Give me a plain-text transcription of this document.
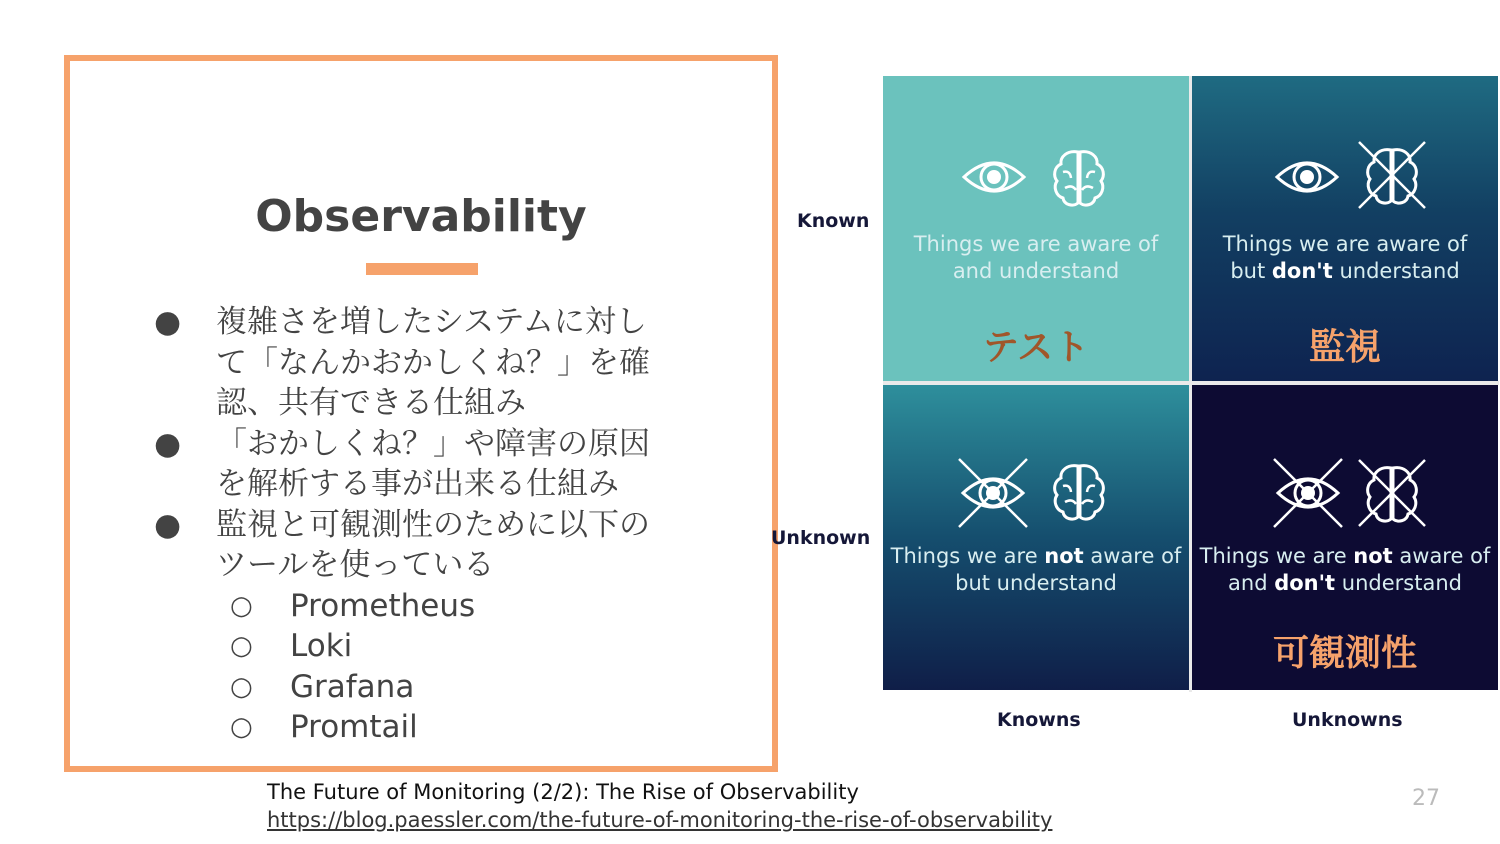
Observability
● 複雑さを増したシステムに対し
て「なんかおかしくね？」を確
認、共有できる仕組み
● 「おかしくね？」や障害の原因
を解析する事が出来る仕組み
● 監視と可観測性のために以下の
ツールを使っている
○ Prometheus
○ Loki
○ Grafana
○ Promtail
Known
Unknown
Knowns	Unknowns
Things we are aware of
and understand
テスト
Things we are aware of
but don't understand
監視
Things we are not aware of
but understand
Things we are not aware of
and don't understand
可観測性
The Future of Monitoring (2/2): The Rise of Observability
https://blog.paessler.com/the-future-of-monitoring-the-rise-of-observability
27
